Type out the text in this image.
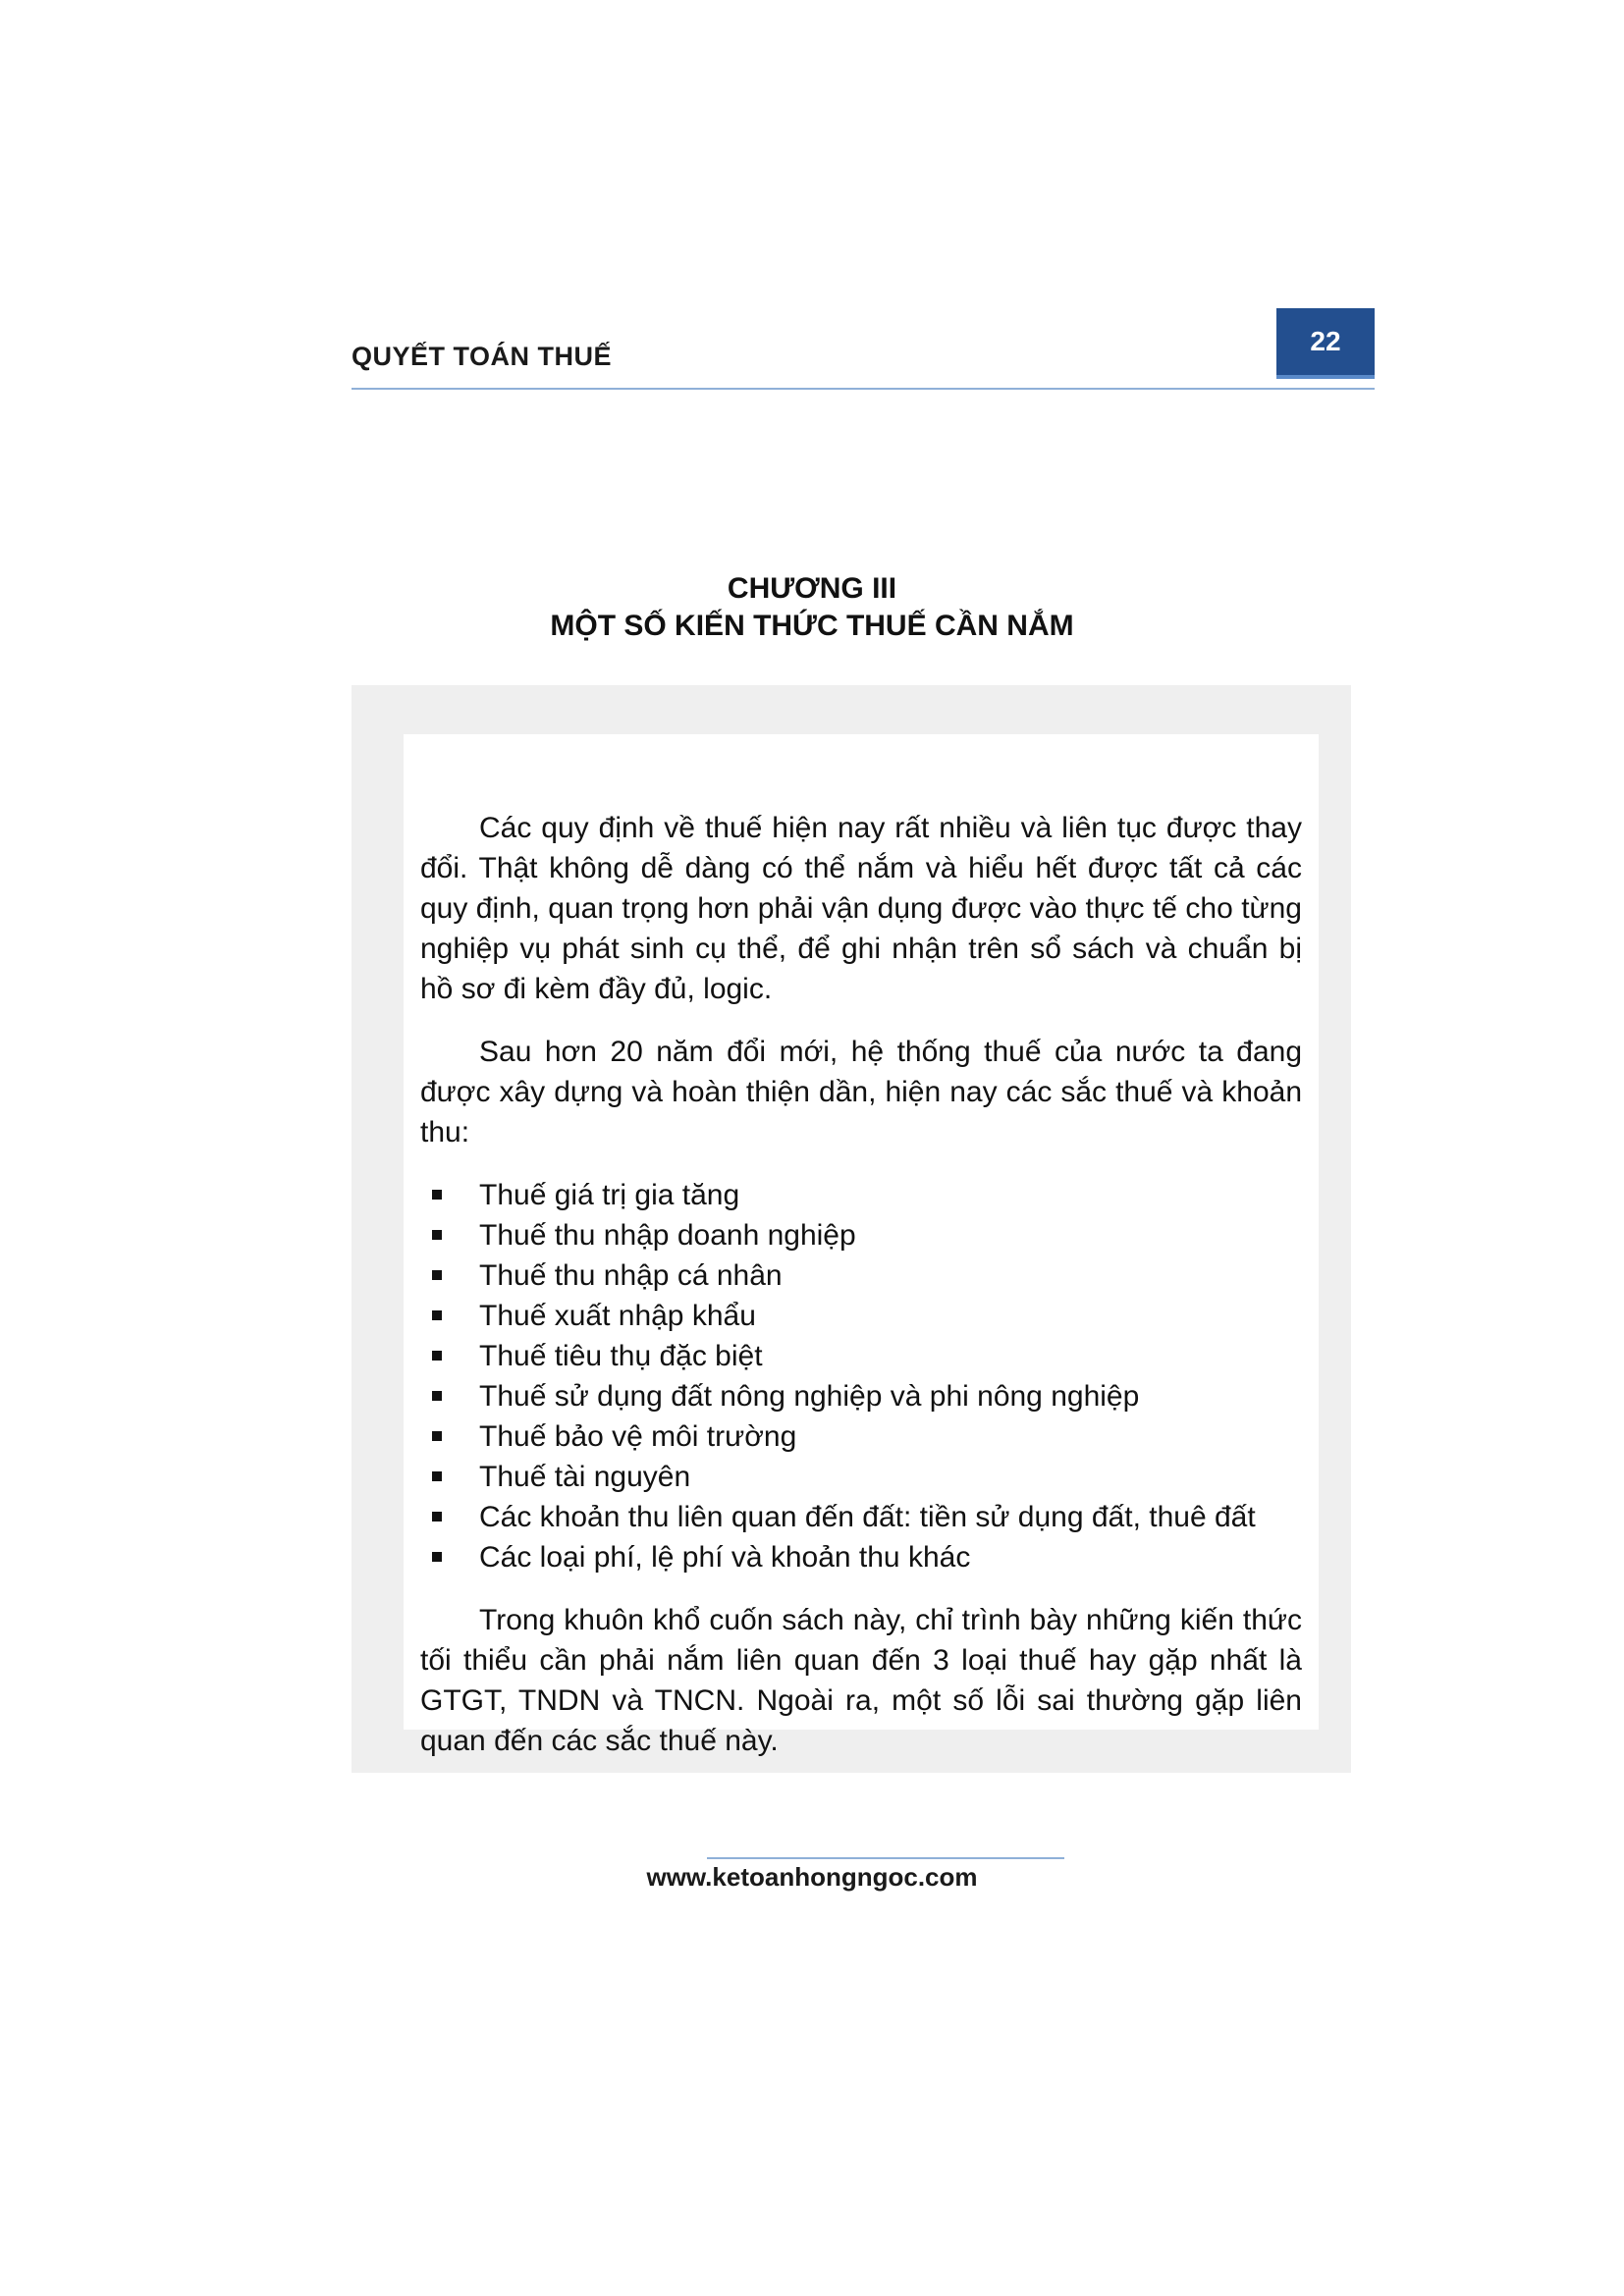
QUYẾT TOÁN THUẾ	22
CHƯƠNG III
MỘT SỐ KIẾN THỨC THUẾ CẦN NẮM

Các quy định về thuế hiện nay rất nhiều và liên tục được thay đổi. Thật không dễ dàng có thể nắm và hiểu hết được tất cả các quy định, quan trọng hơn phải vận dụng được vào thực tế cho từng nghiệp vụ phát sinh cụ thể, để ghi nhận trên sổ sách và chuẩn bị hồ sơ đi kèm đầy đủ, logic.

Sau hơn 20 năm đổi mới, hệ thống thuế của nước ta đang được xây dựng và hoàn thiện dần, hiện nay các sắc thuế và khoản thu:

Thuế giá trị gia tăng
Thuế thu nhập doanh nghiệp
Thuế thu nhập cá nhân
Thuế xuất nhập khẩu
Thuế tiêu thụ đặc biệt
Thuế sử dụng đất nông nghiệp và phi nông nghiệp
Thuế bảo vệ môi trường
Thuế tài nguyên
Các khoản thu liên quan đến đất: tiền sử dụng đất, thuê đất
Các loại phí, lệ phí và khoản thu khác

Trong khuôn khổ cuốn sách này, chỉ trình bày những kiến thức tối thiểu cần phải nắm liên quan đến 3 loại thuế hay gặp nhất là GTGT, TNDN và TNCN. Ngoài ra, một số lỗi sai thường gặp liên quan đến các sắc thuế này.

www.ketoanhongngoc.com
